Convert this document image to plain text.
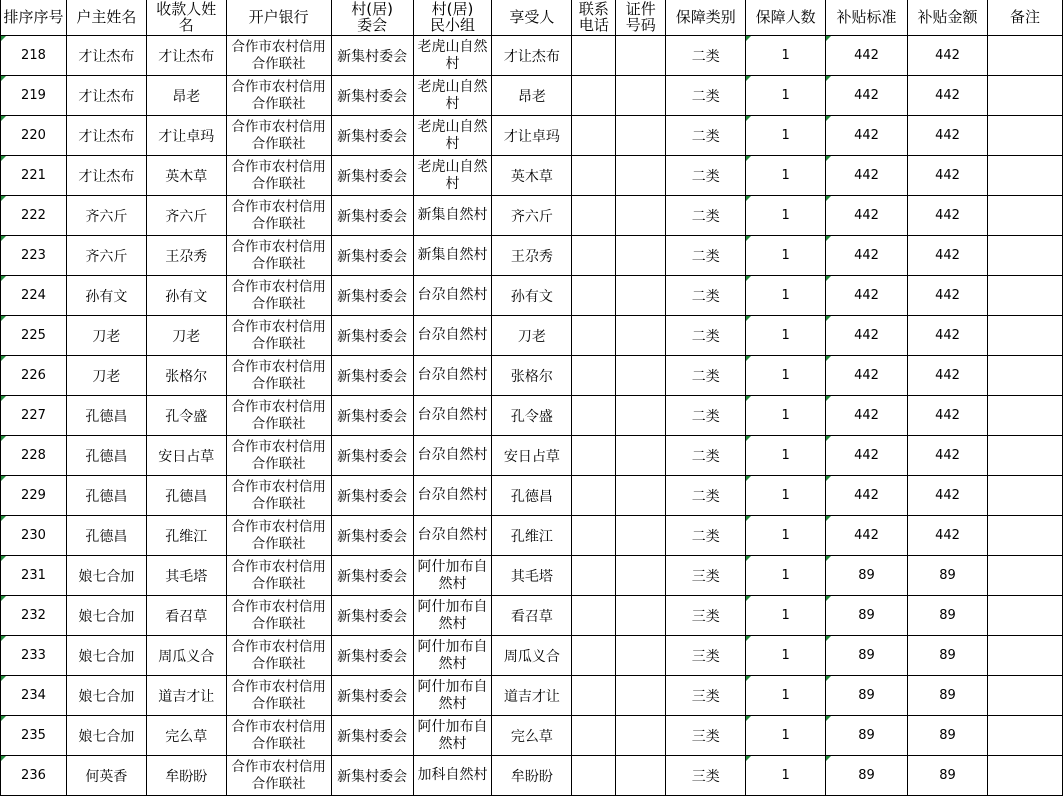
排序序号	户主姓名	收款人姓
名	开户银行	村(居)
委会	村(居)
民小组	享受人	联系
电话	证件
号码	保障类别	保障人数	补贴标准	补贴金额	备注

218	才让杰布	才让杰布	合作市农村信用
合作联社	新集村委会	老虎山自然
村	才让杰布			二类	1	442	442	

219	才让杰布	昂老	合作市农村信用
合作联社	新集村委会	老虎山自然
村	昂老			二类	1	442	442	

220	才让杰布	才让卓玛	合作市农村信用
合作联社	新集村委会	老虎山自然
村	才让卓玛			二类	1	442	442	

221	才让杰布	英木草	合作市农村信用
合作联社	新集村委会	老虎山自然
村	英木草			二类	1	442	442	

222	齐六斤	齐六斤	合作市农村信用
合作联社	新集村委会	新集自然村	齐六斤			二类	1	442	442	

223	齐六斤	王尕秀	合作市农村信用
合作联社	新集村委会	新集自然村	王尕秀			二类	1	442	442	

224	孙有文	孙有文	合作市农村信用
合作联社	新集村委会	台尕自然村	孙有文			二类	1	442	442	

225	刀老	刀老	合作市农村信用
合作联社	新集村委会	台尕自然村	刀老			二类	1	442	442	

226	刀老	张格尔	合作市农村信用
合作联社	新集村委会	台尕自然村	张格尔			二类	1	442	442	

227	孔德昌	孔令盛	合作市农村信用
合作联社	新集村委会	台尕自然村	孔令盛			二类	1	442	442	

228	孔德昌	安日占草	合作市农村信用
合作联社	新集村委会	台尕自然村	安日占草			二类	1	442	442	

229	孔德昌	孔德昌	合作市农村信用
合作联社	新集村委会	台尕自然村	孔德昌			二类	1	442	442	

230	孔德昌	孔维江	合作市农村信用
合作联社	新集村委会	台尕自然村	孔维江			二类	1	442	442	

231	娘七合加	其毛塔	合作市农村信用
合作联社	新集村委会	阿什加布自
然村	其毛塔			三类	1	89	89	

232	娘七合加	看召草	合作市农村信用
合作联社	新集村委会	阿什加布自
然村	看召草			三类	1	89	89	

233	娘七合加	周瓜义合	合作市农村信用
合作联社	新集村委会	阿什加布自
然村	周瓜义合			三类	1	89	89	

234	娘七合加	道吉才让	合作市农村信用
合作联社	新集村委会	阿什加布自
然村	道吉才让			三类	1	89	89	

235	娘七合加	完么草	合作市农村信用
合作联社	新集村委会	阿什加布自
然村	完么草			三类	1	89	89	

236	何英香	牟盼盼	合作市农村信用
合作联社	新集村委会	加科自然村	牟盼盼			三类	1	89	89	
